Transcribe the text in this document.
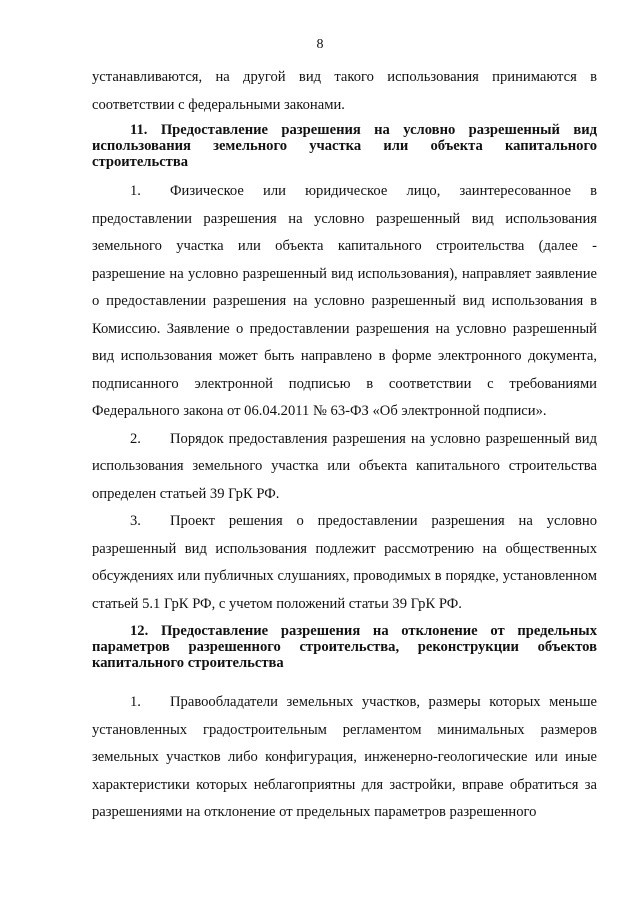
8

устанавливаются, на другой вид такого использования принимаются в соответствии с федеральными законами.

11. Предоставление разрешения на условно разрешенный вид использования земельного участка или объекта капитального строительства

1. Физическое или юридическое лицо, заинтересованное в предоставлении разрешения на условно разрешенный вид использования земельного участка или объекта капитального строительства (далее - разрешение на условно разрешенный вид использования), направляет заявление о предоставлении разрешения на условно разрешенный вид использования в Комиссию. Заявление о предоставлении разрешения на условно разрешенный вид использования может быть направлено в форме электронного документа, подписанного электронной подписью в соответствии с требованиями Федерального закона от 06.04.2011 № 63-ФЗ «Об электронной подписи».

2. Порядок предоставления разрешения на условно разрешенный вид использования земельного участка или объекта капитального строительства определен статьей 39 ГрК РФ.

3. Проект решения о предоставлении разрешения на условно разрешенный вид использования подлежит рассмотрению на общественных обсуждениях или публичных слушаниях, проводимых в порядке, установленном статьей 5.1 ГрК РФ, с учетом положений статьи 39 ГрК РФ.

12. Предоставление разрешения на отклонение от предельных параметров разрешенного строительства, реконструкции объектов капитального строительства

1. Правообладатели земельных участков, размеры которых меньше установленных градостроительным регламентом минимальных размеров земельных участков либо конфигурация, инженерно-геологические или иные характеристики которых неблагоприятны для застройки, вправе обратиться за разрешениями на отклонение от предельных параметров разрешенного
